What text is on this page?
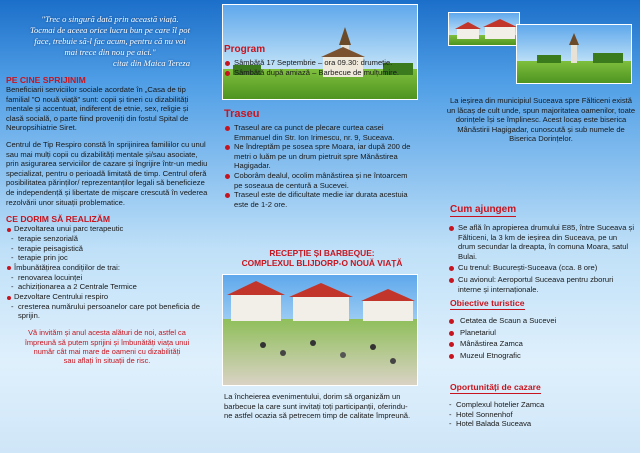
"Trec o singură dată prin această viață.
Tocmai de aceea orice lucru bun pe care îl pot
face, trebuie să-l fac acum, pentru că nu voi
mai trece din nou pe aici."
citat din Maica Tereza

PE CINE SPRIJINIM

Beneficiarii serviciilor sociale acordate în „Casa de tip familial "O nouă viață" sunt: copii și tineri cu dizabilități mentale și accentuat, indiferent de etnie, sex, religie și clasă socială, o parte fiind proveniți din fostul Spital de Neuropsihiatrie Siret.

Centrul de Tip Respiro constă în sprijinirea familiilor cu unul sau mai mulți copii cu dizabilități mentale și/sau asociate, prin asigurarea serviciilor de cazare și îngrijire într-un mediu specializat, pentru o perioadă limitată de timp. Centrul oferă posibilitatea părinților/ reprezentanților legali să beneficieze de independență și libertate de mișcare crescută în vederea rezolvării unor situații problematice.

CE DORIM SĂ REALIZĂM

Dezvoltarea unui parc terapeutic
- terapie senzorială
- terapie peisagistică
- terapie prin joc
Îmbunătățirea condițiilor de trai:
- renovarea locuinței
- achiziționarea a 2 Centrale Termice
Dezvoltare Centrului respiro
- cresterea numărului persoanelor care pot beneficia de sprijin.

Vă invităm și anul acesta alături de noi, astfel ca

împreună să putem sprijini și îmbunătăți viața unui

număr cât mai mare de oameni cu dizabilități

sau aflați în situații de risc.

Program
Sâmbătă 17 Septembrie – ora 09.30: drumeție.
Sâmbătă după amiază – Barbecue de mulțumire.
Traseu
Traseul are ca punct de plecare curtea casei Emmanuel din Str. Ion Irimescu, nr. 9, Suceava.
Ne îndreptăm pe sosea spre Moara, iar după 200 de metri o luăm pe un drum pietruit spre Mănăstirea Hagigadar.
Coborâm dealul, ocolim mânăstirea și ne întoarcem pe soseaua de centură a Sucevei.
Traseul este de dificultate medie iar durata acestuia este de 1-2 ore.
RECEPȚIE ȘI BARBEQUE:
COMPLEXUL BLIJDORP-O NOUĂ VIAȚĂ

La încheierea evenimentului, dorim să organizăm un barbecue la care sunt invitați toți participanții, oferindu-ne astfel ocazia să petrecem timp de calitate împreună.

La ieșirea din municipiul Suceava spre Fălticeni există un lăcaș de cult unde, spun majoritatea oamenilor, toate dorințele își se împlinesc. Acest locaș este biserica Mânăstirii Hagigadar, cunoscută și sub numele de Biserica Dorințelor.

Cum ajungem
Se află în apropierea drumului E85, între Suceava și Fălticeni, la 3 km de ieșirea din Suceava, pe un drum secundar la dreapta, în comuna Moara, satul Bulai.
Cu trenul: București-Suceava (cca. 8 ore)
Cu avionul: Aeroportul Suceava pentru zboruri interne și internaționale.
Obiective turistice
Cetatea de Scaun a Sucevei
Planetariul
Mânăstirea Zamca
Muzeul Etnografic
Oportunități de cazare
- Complexul hotelier Zamca
- Hotel Sonnenhof
- Hotel Balada Suceava
